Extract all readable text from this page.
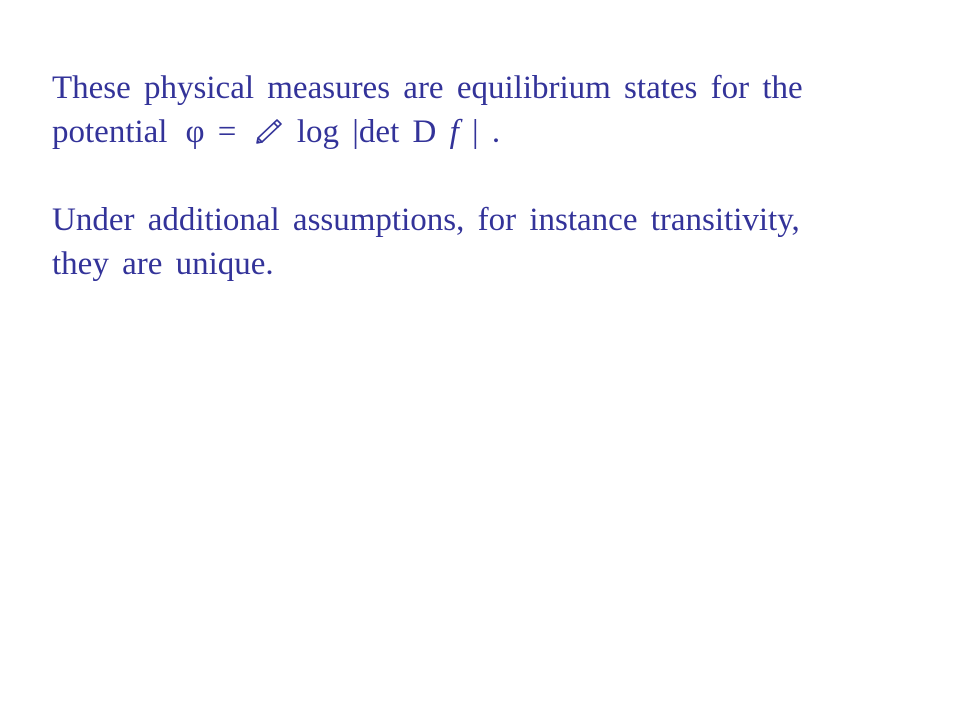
These physical measures are equilibrium states for the
potential φ = log |det D f | .

Under additional assumptions, for instance transitivity,
they are unique.
